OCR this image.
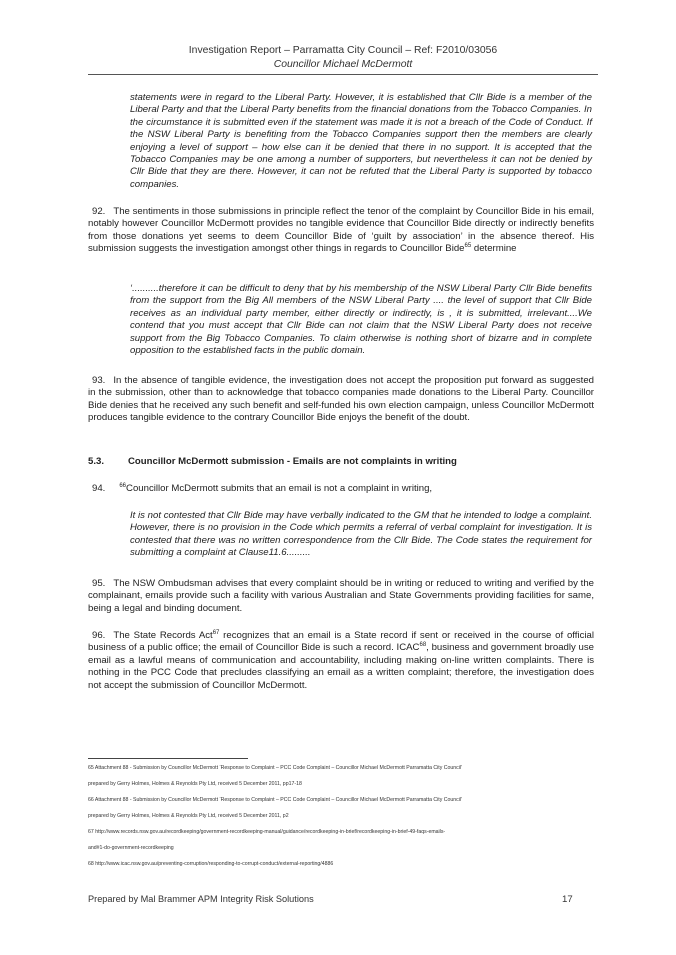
Investigation Report – Parramatta City Council – Ref: F2010/03056
Councillor Michael McDermott
statements were in regard to the Liberal Party. However, it is established that Cllr Bide is a member of the Liberal Party and that the Liberal Party benefits from the financial donations from the Tobacco Companies. In the circumstance it is submitted even if the statement was made it is not a breach of the Code of Conduct. If the NSW Liberal Party is benefiting from the Tobacco Companies support then the members are clearly enjoying a level of support – how else can it be denied that there in no support. It is accepted that the Tobacco Companies may be one among a number of supporters, but nevertheless it can not be denied by Cllr Bide that they are there. However, it can not be refuted that the Liberal Party is supported by tobacco companies.
92. The sentiments in those submissions in principle reflect the tenor of the complaint by Councillor Bide in his email, notably however Councillor McDermott provides no tangible evidence that Councillor Bide directly or indirectly benefits from those donations yet seems to deem Councillor Bide of ‘guilt by association’ in the absence thereof. His submission suggests the investigation amongst other things in regards to Councillor Bide$^{65}$ determine
‘..........therefore it can be difficult to deny that by his membership of the NSW Liberal Party Cllr Bide benefits from the support from the Big All members of the NSW Liberal Party .... the level of support that Cllr Bide receives as an individual party member, either directly or indirectly, is , it is submitted, irrelevant....We contend that you must accept that Cllr Bide can not claim that the NSW Liberal Party does not receive support from the Big Tobacco Companies. To claim otherwise is nothing short of bizarre and in complete opposition to the established facts in the public domain.
93. In the absence of tangible evidence, the investigation does not accept the proposition put forward as suggested in the submission, other than to acknowledge that tobacco companies made donations to the Liberal Party. Councillor Bide denies that he received any such benefit and self-funded his own election campaign, unless Councillor McDermott produces tangible evidence to the contrary Councillor Bide enjoys the benefit of the doubt.
5.3. Councillor McDermott submission - Emails are not complaints in writing
94. $^{66}$Councillor McDermott submits that an email is not a complaint in writing,
It is not contested that Cllr Bide may have verbally indicated to the GM that he intended to lodge a complaint. However, there is no provision in the Code which permits a referral of verbal complaint for investigation. It is contested that there was no written correspondence from the Cllr Bide. The Code states the requirement for submitting a complaint at Clause11.6.........
95. The NSW Ombudsman advises that every complaint should be in writing or reduced to writing and verified by the complainant, emails provide such a facility with various Australian and State Governments providing facilities for same, being a legal and binding document.
96. The State Records Act$^{67}$ recognizes that an email is a State record if sent or received in the course of official business of a public office; the email of Councillor Bide is such a record. ICAC$^{68}$, business and government broadly use email as a lawful means of communication and accountability, including making on-line written complaints. There is nothing in the PCC Code that precludes classifying an email as a written complaint; therefore, the investigation does not accept the submission of Councillor McDermott.
65 Attachment 88 - Submission by Councillor McDermott ‘Response to Complaint – PCC Code Complaint – Councillor Michael McDermott Parramatta City Council’
prepared by Gerry Holmes, Holmes & Reynolds Pty Ltd, received 5 December 2011, pp17-18
66 Attachment 88 - Submission by Councillor McDermott ‘Response to Complaint – PCC Code Complaint – Councillor Michael McDermott Parramatta City Council’
prepared by Gerry Holmes, Holmes & Reynolds Pty Ltd, received 5 December 2011, p2
67 http://www.records.nsw.gov.au/recordkeeping/government-recordkeeping-manual/guidance/recordkeeping-in-brief/recordkeeping-in-brief-49-faqs-emails-
and#1-do-government-recordkeeping
68 http://www.icac.nsw.gov.au/preventing-corruption/responding-to-corrupt-conduct/external-reporting/4886
Prepared by Mal Brammer APM Integrity Risk Solutions	17
